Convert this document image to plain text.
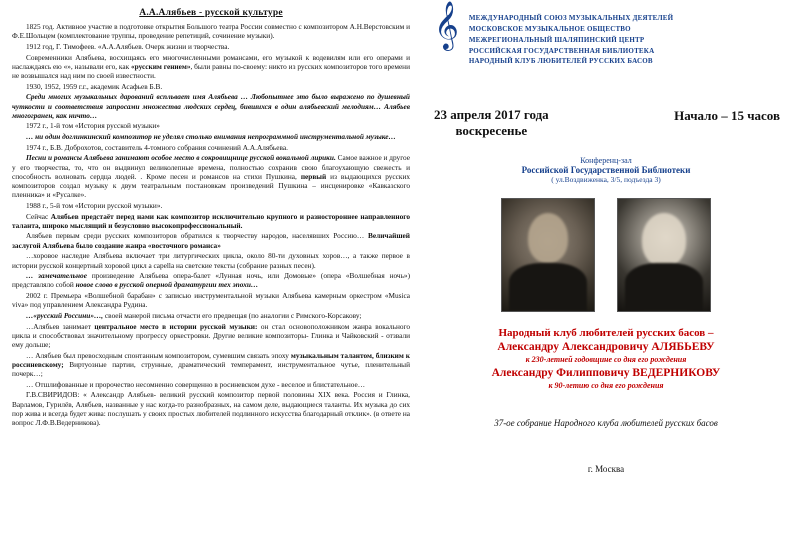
А.А.Алябьев - русской культуре
1825 год. Активное участие в подготовке открытия Большого театра России совместно с композитором А.Н.Верстовским и Ф.Е.Шольцем (комплектование труппы, проведение репетиций, сочинение музыки).
1912 год, Г. Тимофеев. «А.А.Алябьев. Очерк жизни и творчества.
Современники Алябьева, восхищаясь его многочисленными романсами, его музыкой к водевилям или его операми и наслаждаясь ею «», называли его, как «русским гением», были равны по-своему: никто из русских композиторов того времени не возвышался над ним по своей известности.
1930, 1952, 1959 г.г., академик Асафьев Б.В.
Среди многих музыкальных дарований вспльвает имя Алябьева … Любопытнее это было выражено по душевный чуткости и соответствия запросами множества людских сердец, бившихся в один алябьевский мелодиям… Алябьев многогранен, как ничто…
1972 г., 1-й том «История русской музыки»
… ни один доглинкинский композитор не уделял столько внимания непрограммной инструментальной музыке…
1974 г., Б.В. Доброхотов, составитель 4-томного собрания сочинений А.А.Алябьева.
Песни и романсы Алябьева занимают особое место в сокровищнице русской вокальной лирики. Самое важное и другое у его творчества, то, что он выдвинул великолепные времена, полностью сохранив свою благоухающую свежесть и способность волновать сердца людей. . Кроме песен и романсов на стихи Пушкина, первый из выдающихся русских композиторов создал музыку к двум театральным постановкам произведений Пушкина – инсценировке «Кавказского пленника» и «Русалке».
1988 г., 5-й том «Истории русской музыки».
Сейчас Алябьев предстаёт перед нами как композитор исключительно крупного и разностороннее направленного таланта, широко мыслящий и безусловно высокопрофессиональный.
Алябьев первым среди русских композиторов обратился к творчеству народов, населявших Россию… Величайшей заслугой Алябьева было создание жанра «восточного романса»
…хоровое наследие Алябьева включает три литургических цикла, около 80-ти духовных хоров…, а также первое в истории русской концертный хоровой цикл a capella на светские тексты (собрание разных песен).
… замечательное произведение Алябьева опера-балет «Лунная ночь, или Домовые» (опера «Волшебная ночь») представляло собой новое слово в русской оперной драматургии тех эпохи…
2002 г. Премьера «Волшебной барабан» с записью инструментальной музыки Алябьева камерным оркестром «Musica viva» под управлением Александра Рудина.
…«русский Россини»…, своей манерой письма отчасти его предвещая (по аналогии с Римского-Корсакову;
…Алябьев занимает центральное место в истории русской музыки: он стал основоположником жанра вокального цикла и способствовал значительному прогрессу оркестровки. Другие великие композиторы- Глинка и Чайковский - отзвали ему дольше;
… Алябьев был превосходным спонтанным композитором, сумевшим связать эпоху музыкальным талантом, близким к россиневскому; Виртуозные партии, струнные, драматический темперамент, инструментальное чутье, пленительный почерк…;
… Отшлифованные и пророчество несомненно соверщенно в росиневском духе - веселое и блистательное…
Г.В.СВИРИДОВ: « Александр Алябьев- великий русский композитор первой половины XIX века. Россия и Глинка, Варламов, Гурилёв, Алябьев, названные у нас когда-то разнобразных, на самом деле, выдающиеся таланты. Их музыка до сих пор жива и всегда будет жива: послушать у своих простых любителей подлинного искусства благодарный отклик». (в ответе на вопрос Л.Ф.В.Ведерникова).
𝄞 МЕЖДУНАРОДНЫЙ СОЮЗ МУЗЫКАЛЬНЫХ ДЕЯТЕЛЕЙ
МОСКОВСКОЕ МУЗЫКАЛЬНОЕ ОБЩЕСТВО
МЕЖРЕГИОНАЛЬНЫЙ ШАЛЯПИНСКИЙ ЦЕНТР
РОССИЙСКАЯ ГОСУДАРСТВЕННАЯ БИБЛИОТЕКА
НАРОДНЫЙ КЛУБ ЛЮБИТЕЛЕЙ РУССКИХ БАСОВ
23 апреля 2017 года
воскресенье
Начало – 15 часов
Конференц-зал
Российской Государственной Библиотеки
( ул.Воздвиженка, 3/5, подъезда 3)
Народный клуб любителей русских басов –
Александру Александровичу АЛЯБЬЕВУ
к 230-летней годовщине со дня его рождения
Александру Филипповичу ВЕДЕРНИКОВУ
к 90-летию со дня его рождения
37-ое собрание Народного клуба любителей русских басов
г. Москва
